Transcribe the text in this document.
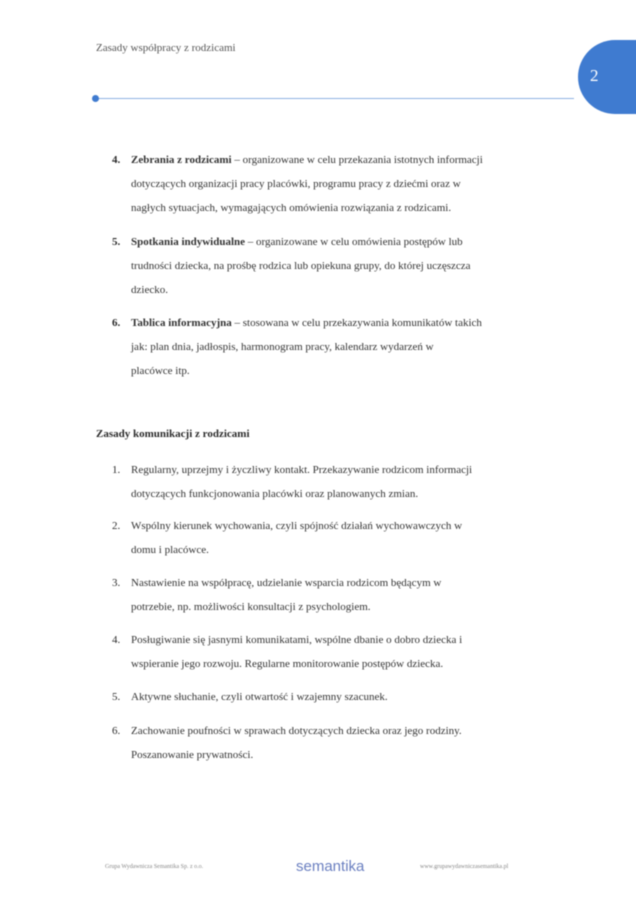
Zasady współpracy z rodzicami
2
4. Zebrania z rodzicami – organizowane w celu przekazania istotnych informacji
dotyczących organizacji pracy placówki, programu pracy z dziećmi oraz w
nagłych sytuacjach, wymagających omówienia rozwiązania z rodzicami.
5. Spotkania indywidualne – organizowane w celu omówienia postępów lub
trudności dziecka, na prośbę rodzica lub opiekuna grupy, do której uczęszcza
dziecko.
6. Tablica informacyjna – stosowana w celu przekazywania komunikatów takich
jak: plan dnia, jadłospis, harmonogram pracy, kalendarz wydarzeń w
placówce itp.
Zasady komunikacji z rodzicami
1. Regularny, uprzejmy i życzliwy kontakt. Przekazywanie rodzicom informacji
dotyczących funkcjonowania placówki oraz planowanych zmian.
2. Wspólny kierunek wychowania, czyli spójność działań wychowawczych w
domu i placówce.
3. Nastawienie na współpracę, udzielanie wsparcia rodzicom będącym w
potrzebie, np. możliwości konsultacji z psychologiem.
4. Posługiwanie się jasnymi komunikatami, wspólne dbanie o dobro dziecka i
wspieranie jego rozwoju. Regularne monitorowanie postępów dziecka.
5. Aktywne słuchanie, czyli otwartość i wzajemny szacunek.
6. Zachowanie poufności w sprawach dotyczących dziecka oraz jego rodziny.
Poszanowanie prywatności.
Grupa Wydawnicza Semantika Sp. z o.o.	semantika	www.grupawydawniczasemantika.pl
